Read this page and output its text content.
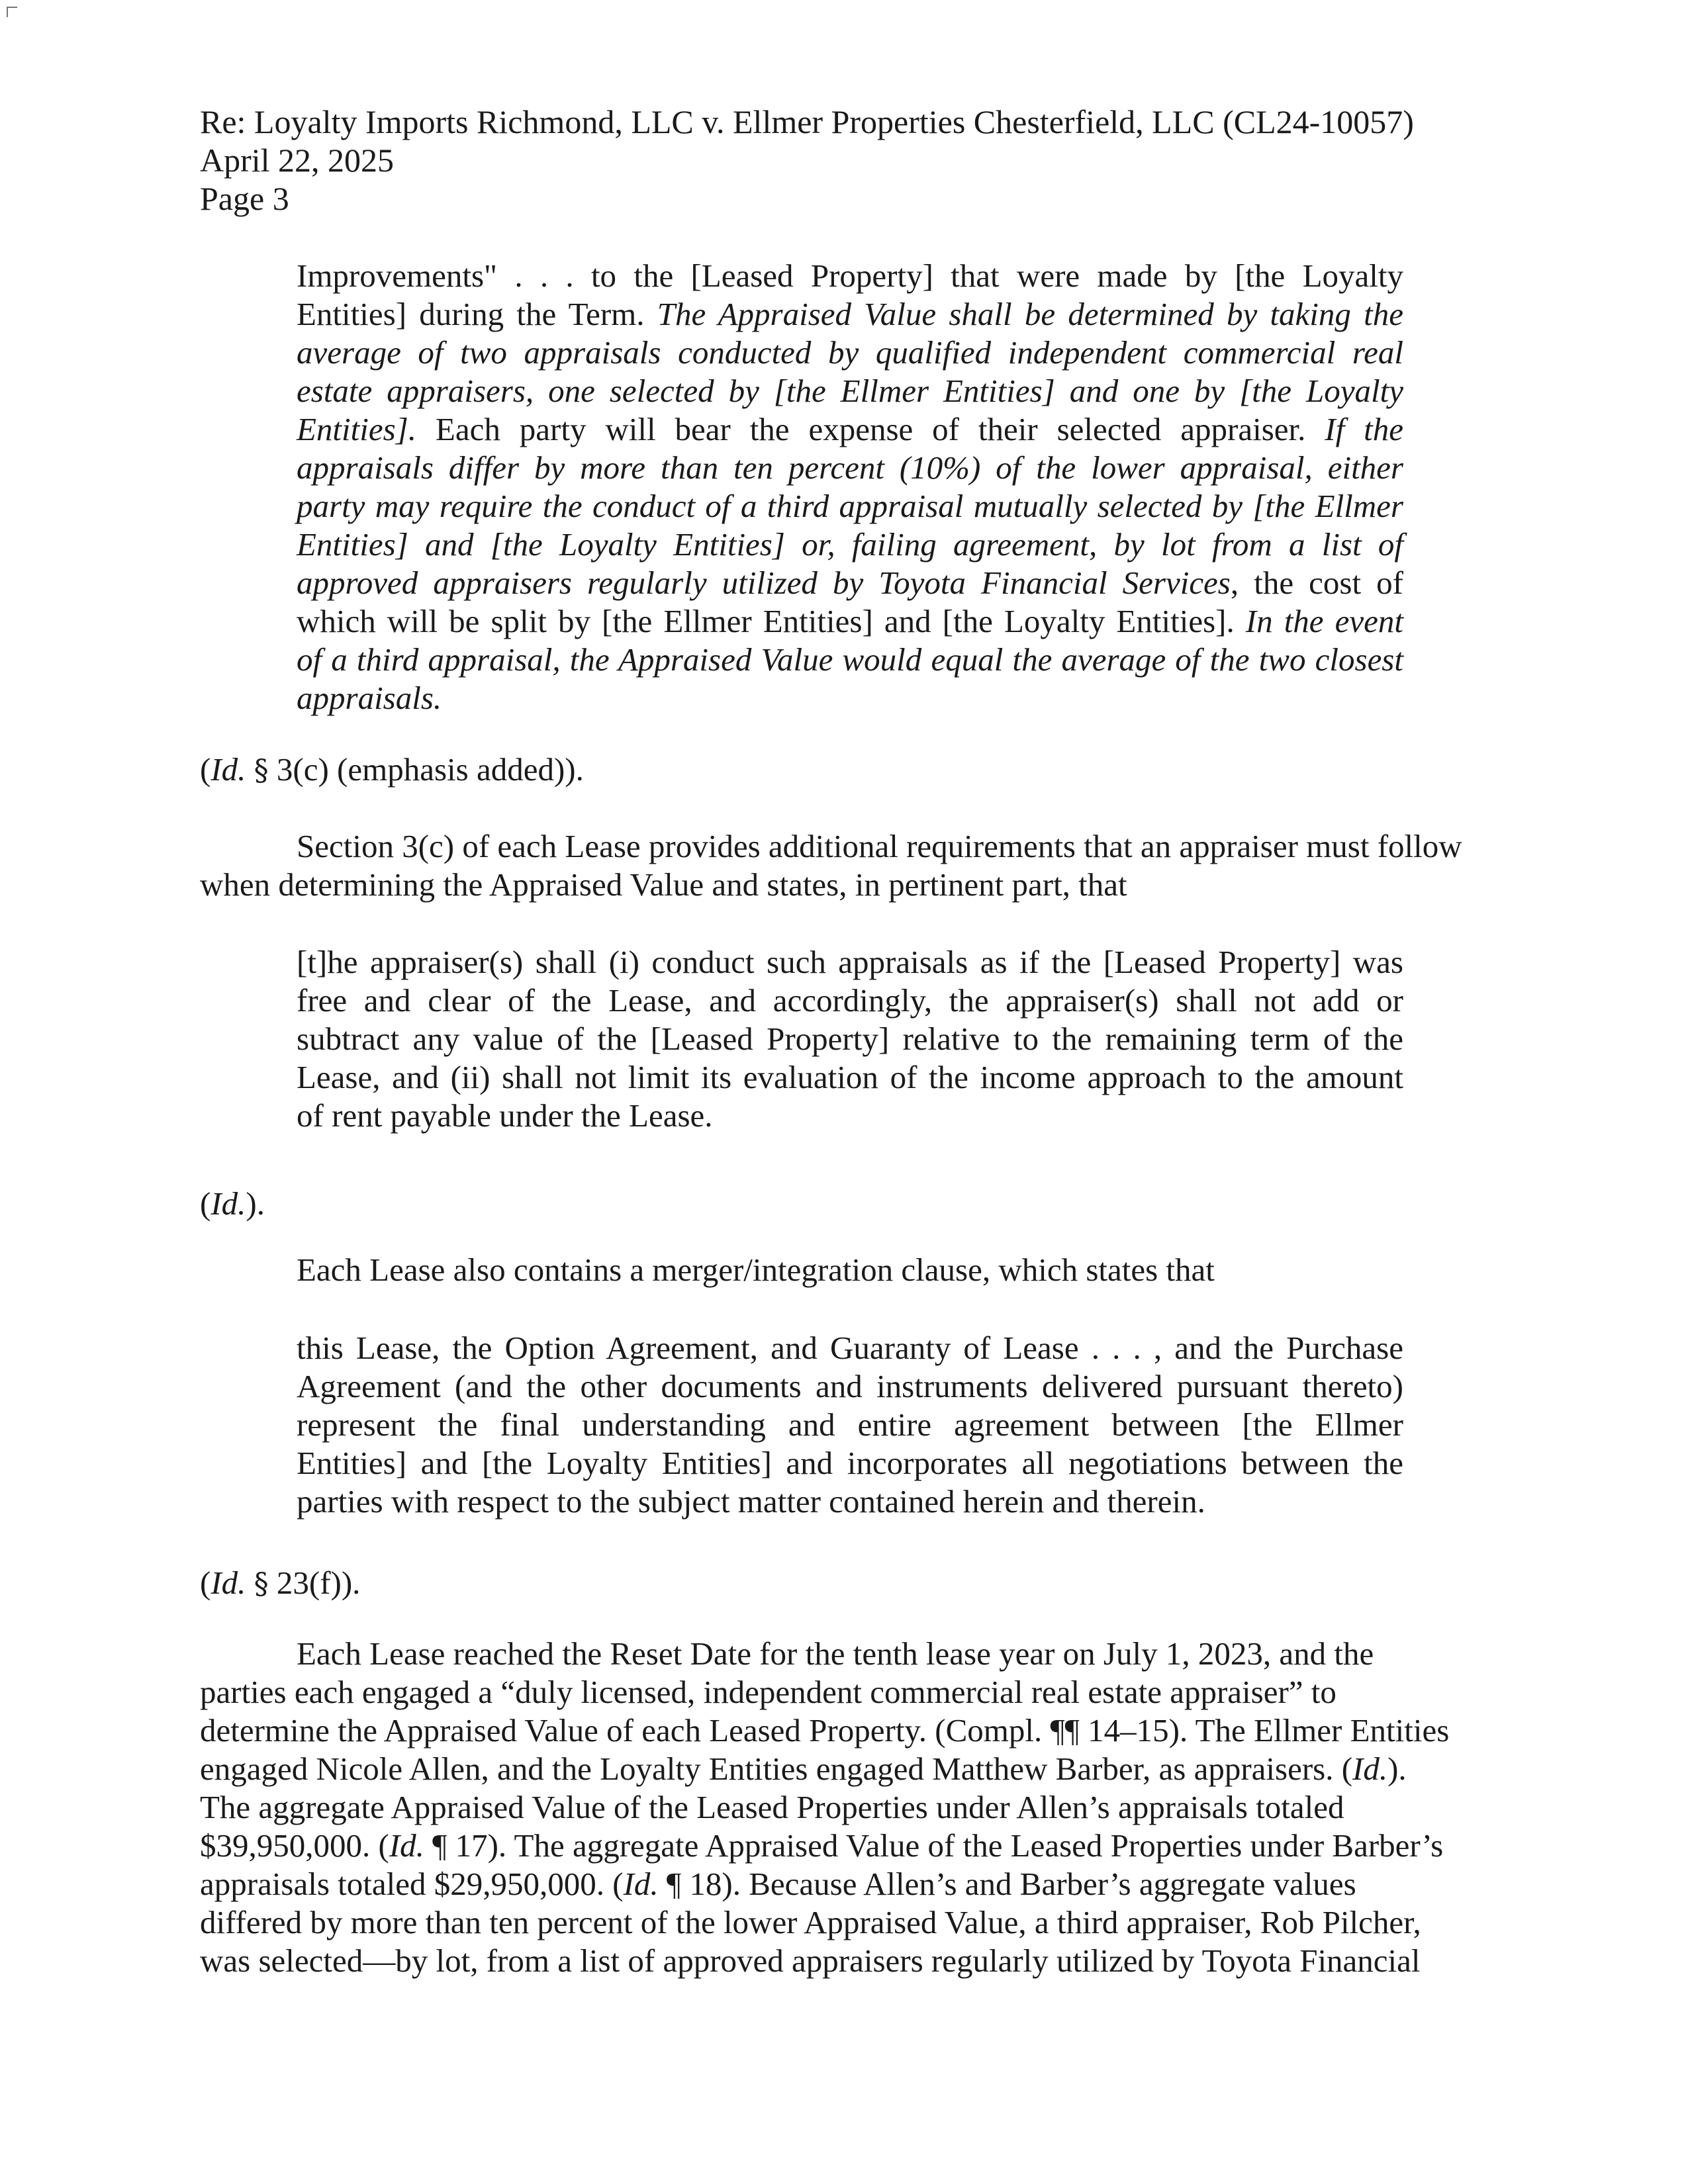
Re: Loyalty Imports Richmond, LLC v. Ellmer Properties Chesterfield, LLC (CL24-10057)
April 22, 2025
Page 3
Improvements" . . . to the [Leased Property] that were made by [the Loyalty
Entities] during the Term. The Appraised Value shall be determined by taking the
average of two appraisals conducted by qualified independent commercial real
estate appraisers, one selected by [the Ellmer Entities] and one by [the Loyalty
Entities]. Each party will bear the expense of their selected appraiser. If the
appraisals differ by more than ten percent (10%) of the lower appraisal, either
party may require the conduct of a third appraisal mutually selected by [the Ellmer
Entities] and [the Loyalty Entities] or, failing agreement, by lot from a list of
approved appraisers regularly utilized by Toyota Financial Services, the cost of
which will be split by [the Ellmer Entities] and [the Loyalty Entities]. In the event
of a third appraisal, the Appraised Value would equal the average of the two closest
appraisals.
(Id. § 3(c) (emphasis added)).
Section 3(c) of each Lease provides additional requirements that an appraiser must follow
when determining the Appraised Value and states, in pertinent part, that
[t]he appraiser(s) shall (i) conduct such appraisals as if the [Leased Property] was
free and clear of the Lease, and accordingly, the appraiser(s) shall not add or
subtract any value of the [Leased Property] relative to the remaining term of the
Lease, and (ii) shall not limit its evaluation of the income approach to the amount
of rent payable under the Lease.
(Id.).
Each Lease also contains a merger/integration clause, which states that
this Lease, the Option Agreement, and Guaranty of Lease . . . , and the Purchase
Agreement (and the other documents and instruments delivered pursuant thereto)
represent the final understanding and entire agreement between [the Ellmer
Entities] and [the Loyalty Entities] and incorporates all negotiations between the
parties with respect to the subject matter contained herein and therein.
(Id. § 23(f)).
Each Lease reached the Reset Date for the tenth lease year on July 1, 2023, and the
parties each engaged a “duly licensed, independent commercial real estate appraiser” to
determine the Appraised Value of each Leased Property. (Compl. ¶¶ 14–15). The Ellmer Entities
engaged Nicole Allen, and the Loyalty Entities engaged Matthew Barber, as appraisers. (Id.).
The aggregate Appraised Value of the Leased Properties under Allen’s appraisals totaled
$39,950,000. (Id. ¶ 17). The aggregate Appraised Value of the Leased Properties under Barber’s
appraisals totaled $29,950,000. (Id. ¶ 18). Because Allen’s and Barber’s aggregate values
differed by more than ten percent of the lower Appraised Value, a third appraiser, Rob Pilcher,
was selected—by lot, from a list of approved appraisers regularly utilized by Toyota Financial
